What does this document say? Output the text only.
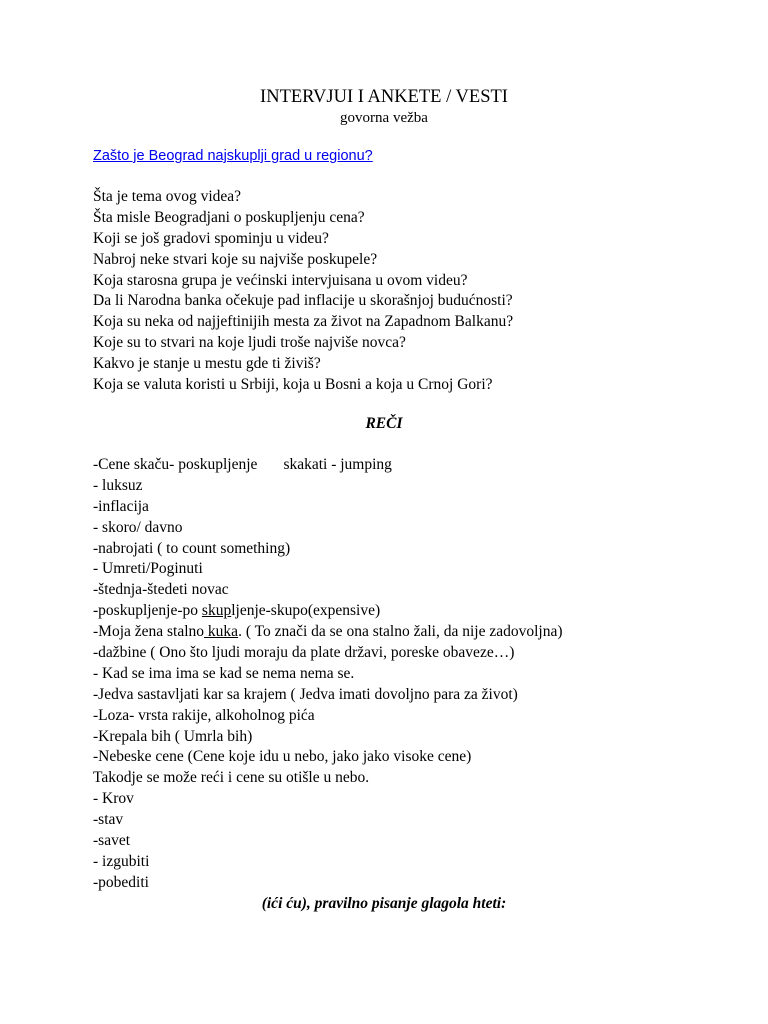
INTERVJUI I ANKETE / VESTI
govorna vežba
Zašto je Beograd najskuplji grad u regionu?
Šta je tema ovog videa?
Šta misle Beogradjani o poskupljenju cena?
Koji se još gradovi spominju u videu?
Nabroj neke stvari koje su najviše poskupele?
Koja starosna grupa je većinski intervjuisana u ovom videu?
Da li Narodna banka očekuje pad inflacije u skorašnjoj budućnosti?
Koja su neka od najjeftinijih mesta za život na Zapadnom Balkanu?
Koje su to stvari na koje ljudi troše najviše novca?
Kakvo je stanje u mestu gde ti živiš?
Koja se valuta koristi u Srbiji, koja u Bosni a koja u Crnoj Gori?
REČI
-Cene skaču- poskupljenje skakati - jumping
- luksuz
-inflacija
- skoro/ davno
-nabrojati ( to count something)
- Umreti/Poginuti
-štednja-štedeti novac
-poskupljenje-po skupljenje-skupo(expensive)
-Moja žena stalno kuka. ( To znači da se ona stalno žali, da nije zadovoljna)
-dažbine ( Ono što ljudi moraju da plate državi, poreske obaveze…)
- Kad se ima ima se kad se nema nema se.
-Jedva sastavljati kar sa krajem ( Jedva imati dovoljno para za život)
-Loza- vrsta rakije, alkoholnog pića
-Krepala bih ( Umrla bih)
-Nebeske cene (Cene koje idu u nebo, jako jako visoke cene)
Takodje se može reći i cene su otišle u nebo.
- Krov
-stav
-savet
- izgubiti
-pobediti
(ići ću), pravilno pisanje glagola hteti:
